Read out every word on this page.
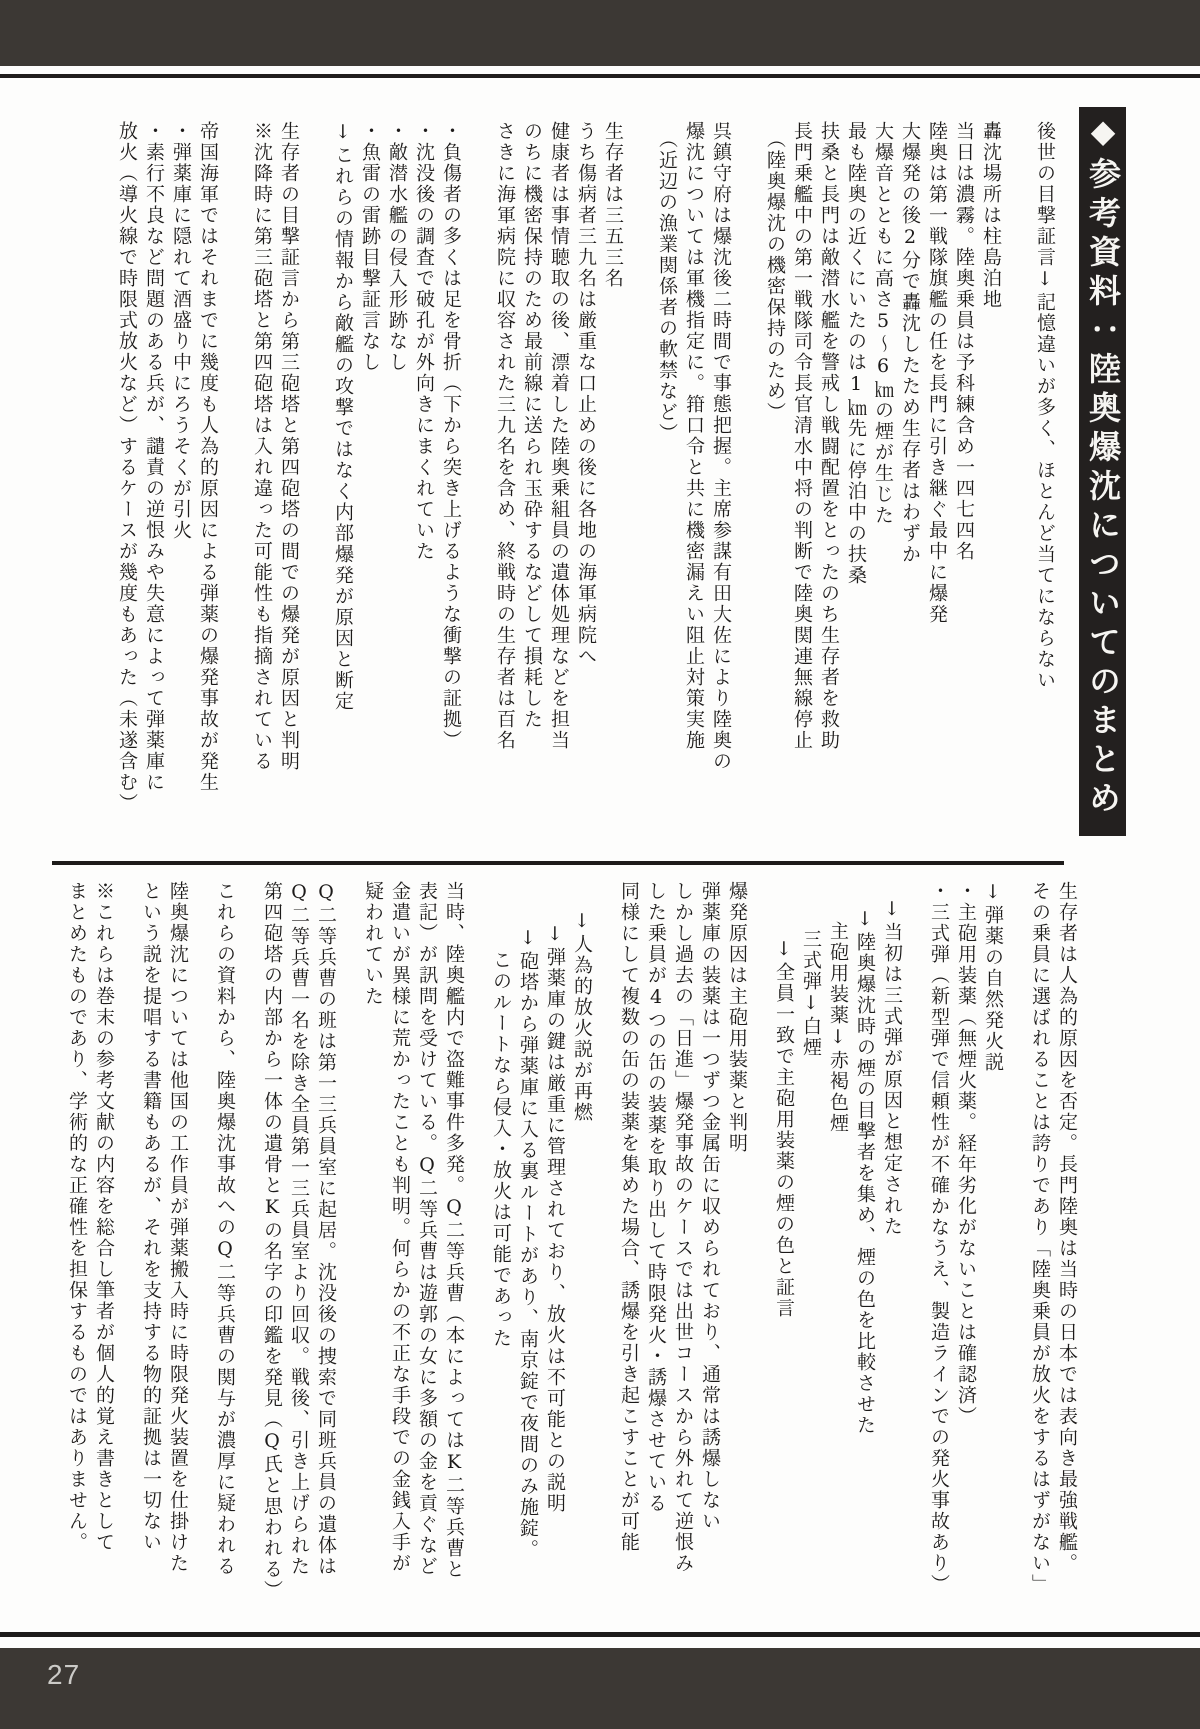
◆参考資料：陸奥爆沈についてのまとめ

後世の目撃証言↓記憶違いが多く、ほとんど当てにならない

轟沈場所は柱島泊地

当日は濃霧。陸奥乗員は予科練含め一四七四名

陸奥は第一戦隊旗艦の任を長門に引き継ぐ最中に爆発

大爆発の後2分で轟沈したため生存者はわずか

大爆音とともに高さ5～6㎞の煙が生じた

最も陸奥の近くにいたのは1㎞先に停泊中の扶桑

扶桑と長門は敵潜水艦を警戒し戦闘配置をとったのち生存者を救助

長門乗艦中の第一戦隊司令長官清水中将の判断で陸奥関連無線停止

（陸奥爆沈の機密保持のため）

呉鎮守府は爆沈後二時間で事態把握。主席参謀有田大佐により陸奥の

爆沈については軍機指定に。箝口令と共に機密漏えい阻止対策実施

（近辺の漁業関係者の軟禁など）

生存者は三五三名

うち傷病者三九名は厳重な口止めの後に各地の海軍病院へ

健康者は事情聴取の後、漂着した陸奥乗組員の遺体処理などを担当

のちに機密保持のため最前線に送られ玉砕するなどして損耗した

さきに海軍病院に収容された三九名を含め、終戦時の生存者は百名

・負傷者の多くは足を骨折（下から突き上げるような衝撃の証拠）

・沈没後の調査で破孔が外向きにまくれていた

・敵潜水艦の侵入形跡なし

・魚雷の雷跡目撃証言なし

↓これらの情報から敵艦の攻撃ではなく内部爆発が原因と断定

生存者の目撃証言から第三砲塔と第四砲塔の間での爆発が原因と判明

※沈降時に第三砲塔と第四砲塔は入れ違った可能性も指摘されている

帝国海軍ではそれまでに幾度も人為的原因による弾薬の爆発事故が発生

・弾薬庫に隠れて酒盛り中にろうそくが引火

・素行不良など問題のある兵が、譴責の逆恨みや失意によって弾薬庫に

放火（導火線で時限式放火など）するケースが幾度もあった（未遂含む）

生存者は人為的原因を否定。長門陸奥は当時の日本では表向き最強戦艦。

その乗員に選ばれることは誇りであり「陸奥乗員が放火をするはずがない」

↓弾薬の自然発火説

・主砲用装薬（無煙火薬。経年劣化がないことは確認済）

・三式弾（新型弾で信頼性が不確かなうえ、製造ラインでの発火事故あり）

↓当初は三式弾が原因と想定された

↓陸奥爆沈時の煙の目撃者を集め、煙の色を比較させた

主砲用装薬↓赤褐色煙

三式弾↓白煙

↓全員一致で主砲用装薬の煙の色と証言

爆発原因は主砲用装薬と判明

弾薬庫の装薬は一つずつ金属缶に収められており、通常は誘爆しない

しかし過去の「日進」爆発事故のケースでは出世コースから外れて逆恨み

した乗員が4つの缶の装薬を取り出して時限発火・誘爆させている

同様にして複数の缶の装薬を集めた場合、誘爆を引き起こすことが可能

↓人為的放火説が再燃

↓弾薬庫の鍵は厳重に管理されており、放火は不可能との説明

↓砲塔から弾薬庫に入る裏ルートがあり、南京錠で夜間のみ施錠。

このルートなら侵入・放火は可能であった

当時、陸奥艦内で盗難事件多発。Q二等兵曹（本によってはK二等兵曹と

表記）が訊問を受けている。Q二等兵曹は遊郭の女に多額の金を貢ぐなど

金遣いが異様に荒かったことも判明。何らかの不正な手段での金銭入手が

疑われていた

Q二等兵曹の班は第一三兵員室に起居。沈没後の捜索で同班兵員の遺体は

Q二等兵曹一名を除き全員第一三兵員室より回収。戦後、引き上げられた

第四砲塔の内部から一体の遺骨とKの名字の印鑑を発見（Q氏と思われる）

これらの資料から、陸奥爆沈事故へのQ二等兵曹の関与が濃厚に疑われる

陸奥爆沈については他国の工作員が弾薬搬入時に時限発火装置を仕掛けた

という説を提唱する書籍もあるが、それを支持する物的証拠は一切ない

※これらは巻末の参考文献の内容を総合し筆者が個人的覚え書きとして

まとめたものであり、学術的な正確性を担保するものではありません。

27
